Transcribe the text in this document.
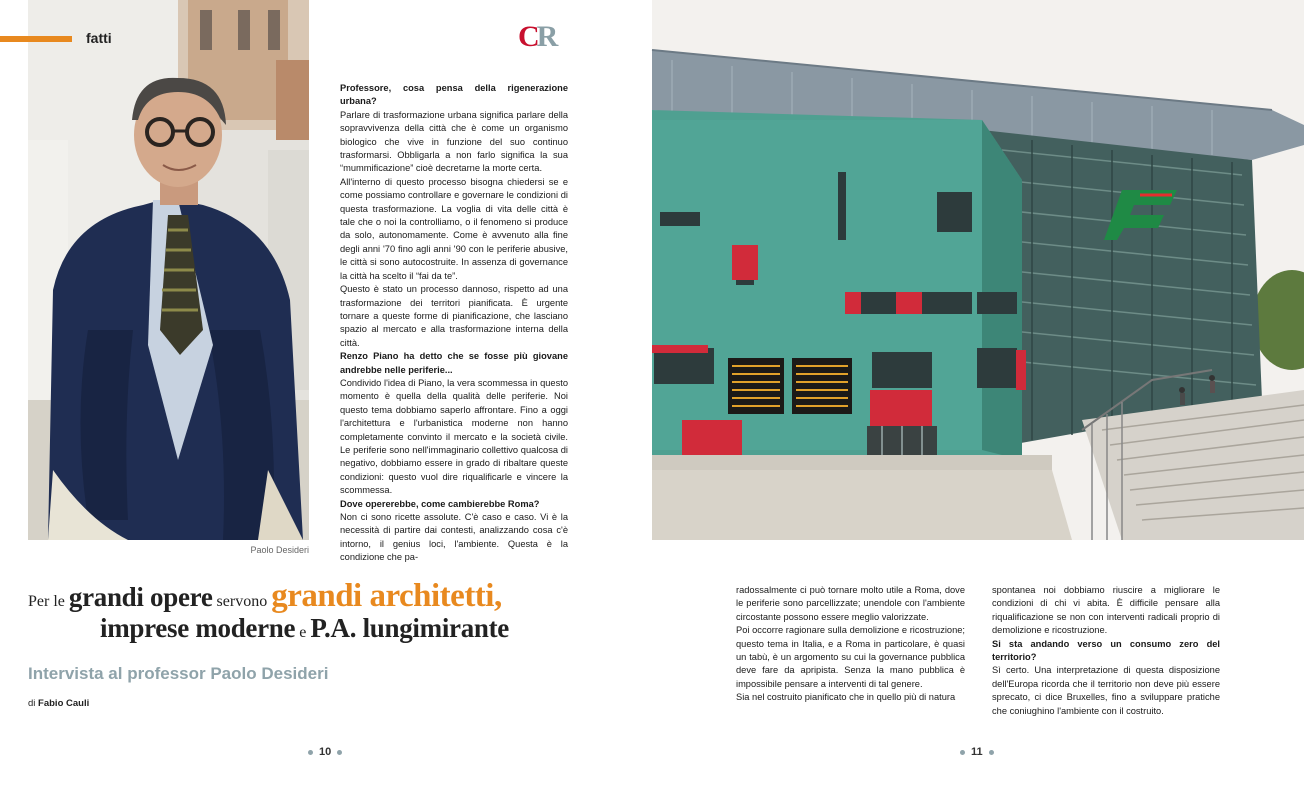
fatti
Paolo Desideri
CR

Professore, cosa pensa della rigenerazione urbana?

Parlare di trasformazione urbana significa parlare della sopravvivenza della città che è come un organismo biologico che vive in funzione del suo continuo trasformarsi. Obbligarla a non farlo significa la sua “mummificazione” cioè decretarne la morte certa.

All'interno di questo processo bisogna chiedersi se e come possiamo controllare e governare le condizioni di questa trasformazione. La voglia di vita delle città è tale che o noi la controlliamo, o il fenomeno si produce da solo, autonomamente. Come è avvenuto alla fine degli anni '70 fino agli anni '90 con le periferie abusive, le città si sono autocostruite. In assenza di governance la città ha scelto il “fai da te”.

Questo è stato un processo dannoso, rispetto ad una trasformazione dei territori pianificata. È urgente tornare a queste forme di pianificazione, che lasciano spazio al mercato e alla trasformazione interna della città.

Renzo Piano ha detto che se fosse più giovane andrebbe nelle periferie...

Condivido l'idea di Piano, la vera scommessa in questo momento è quella della qualità delle periferie. Noi questo tema dobbiamo saperlo affrontare. Fino a oggi l'architettura e l'urbanistica moderne non hanno completamente convinto il mercato e la società civile. Le periferie sono nell'immaginario collettivo qualcosa di negativo, dobbiamo essere in grado di ribaltare queste condizioni: questo vuol dire riqualificarle e vincere la scommessa.

Dove opererebbe, come cambierebbe Roma?

Non ci sono ricette assolute. C'è caso e caso. Vi è la necessità di partire dai contesti, analizzando cosa c'è intorno, il genius loci, l'ambiente. Questa è la condizione che pa-

Per le grandi opere servono grandi architetti,
imprese moderne e P.A. lungimirante
Intervista al professor Paolo Desideri
di Fabio Cauli
10

radossalmente ci può tornare molto utile a Roma, dove le periferie sono parcellizzate; unendole con l'ambiente circostante possono essere meglio valorizzate.

Poi occorre ragionare sulla demolizione e ricostruzione; questo tema in Italia, e a Roma in particolare, è quasi un tabù, è un argomento su cui la governance pubblica deve fare da apripista. Senza la mano pubblica è impossibile pensare a interventi di tal genere.

Sia nel costruito pianificato che in quello più di natura

spontanea noi dobbiamo riuscire a migliorare le condizioni di chi vi abita. È difficile pensare alla riqualificazione se non con interventi radicali proprio di demolizione e ricostruzione.

Si sta andando verso un consumo zero del territorio?

Sì certo. Una interpretazione di questa disposizione dell'Europa ricorda che il territorio non deve più essere sprecato, ci dice Bruxelles, fino a sviluppare pratiche che coniughino l'ambiente con il costruito.

11
